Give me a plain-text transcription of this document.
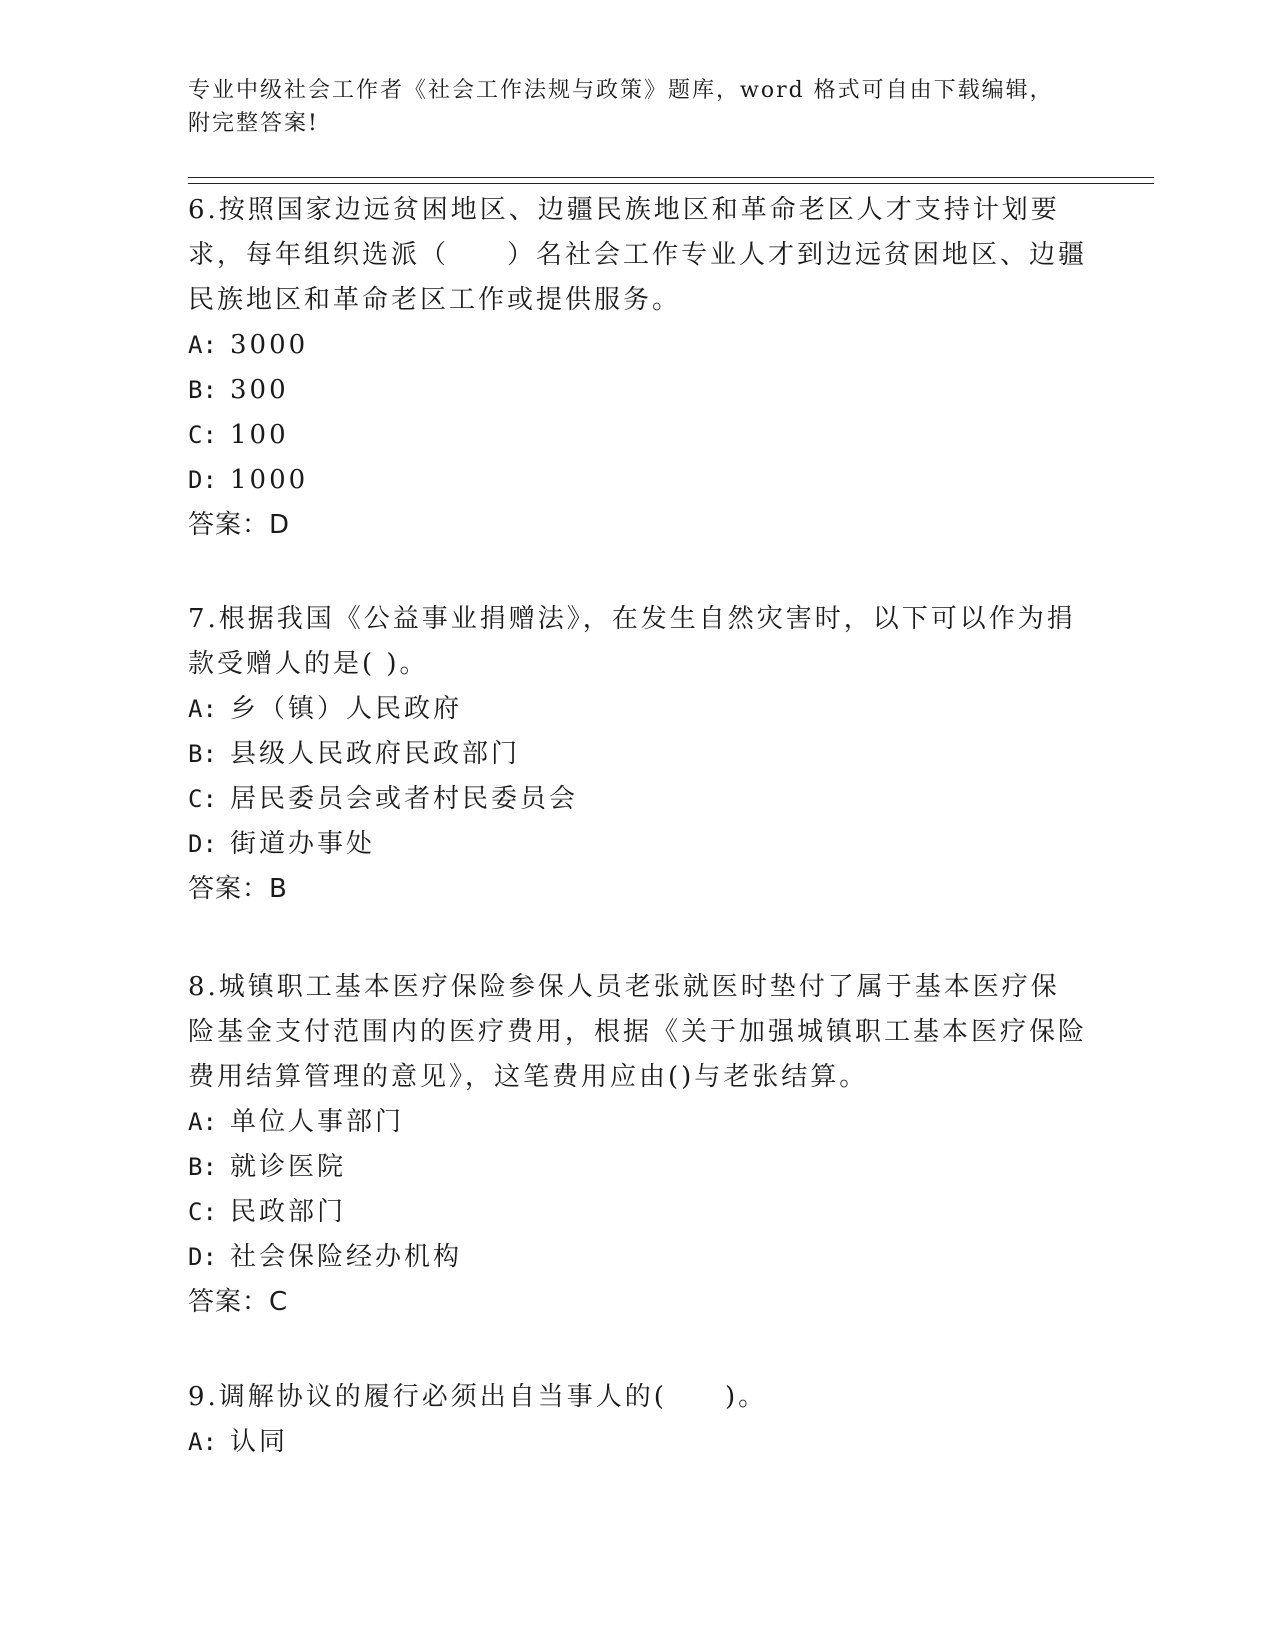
专业中级社会工作者《社会工作法规与政策》题库，word 格式可自由下载编辑，附完整答案!

6.按照国家边远贫困地区、边疆民族地区和革命老区人才支持计划要求，每年组织选派（　　）名社会工作专业人才到边远贫困地区、边疆民族地区和革命老区工作或提供服务。

A: 3000

B: 300

C: 100

D: 1000

答案：D

7.根据我国《公益事业捐赠法》，在发生自然灾害时，以下可以作为捐款受赠人的是( )。

A: 乡（镇）人民政府

B: 县级人民政府民政部门

C: 居民委员会或者村民委员会

D: 街道办事处

答案：B

8.城镇职工基本医疗保险参保人员老张就医时垫付了属于基本医疗保险基金支付范围内的医疗费用，根据《关于加强城镇职工基本医疗保险费用结算管理的意见》，这笔费用应由()与老张结算。

A: 单位人事部门

B: 就诊医院

C: 民政部门

D: 社会保险经办机构

答案：C

9.调解协议的履行必须出自当事人的(　　)。

A: 认同
